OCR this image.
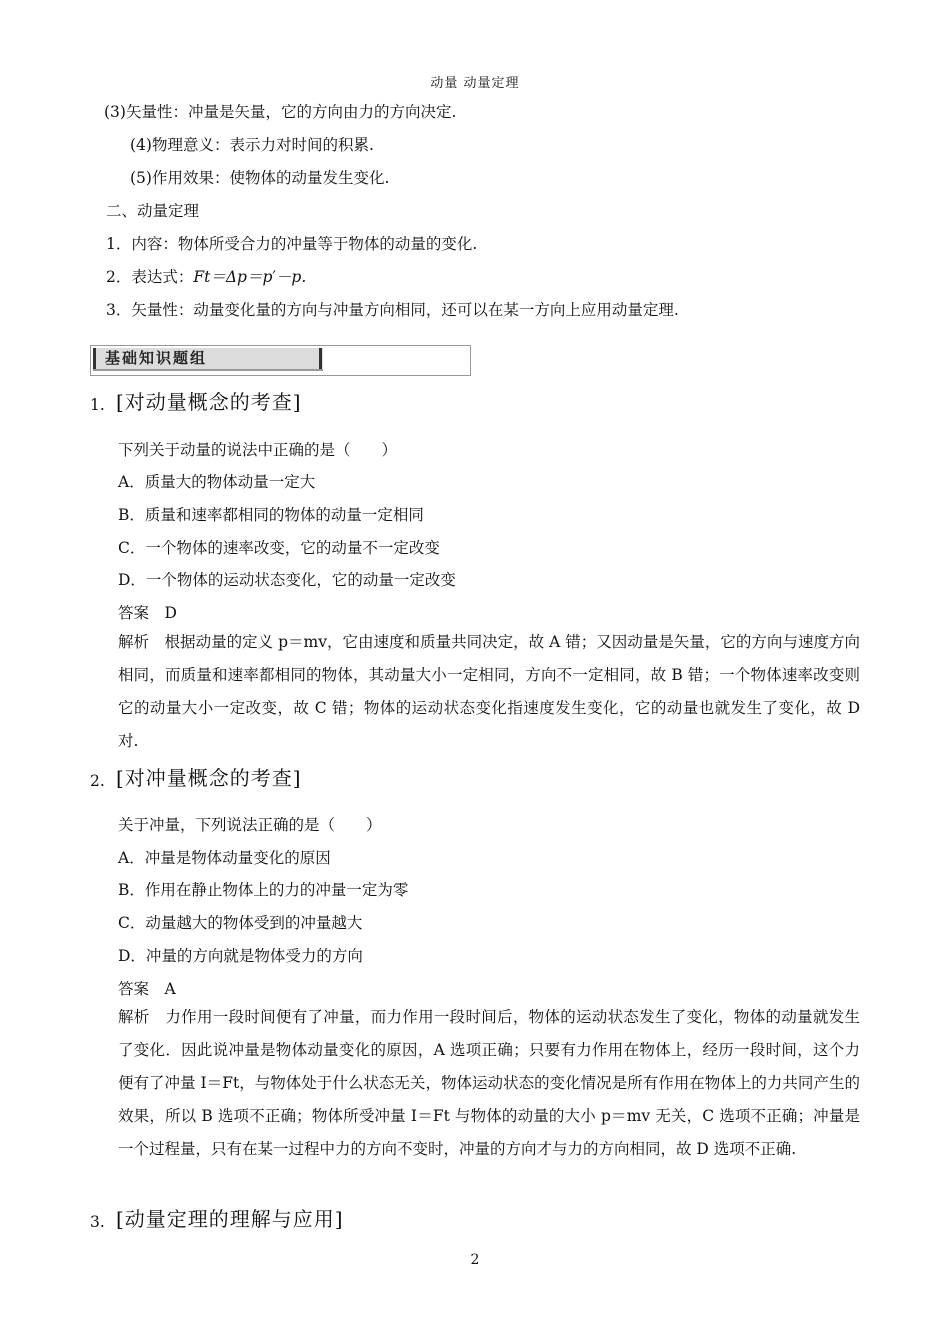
动量 动量定理
(3)矢量性：冲量是矢量，它的方向由力的方向决定.
(4)物理意义：表示力对时间的积累.
(5)作用效果：使物体的动量发生变化.
二、动量定理
1．内容：物体所受合力的冲量等于物体的动量的变化.
2．表达式：Ft＝Δp＝p′－p.
3．矢量性：动量变化量的方向与冲量方向相同，还可以在某一方向上应用动量定理.
基础知识题组
1. [对动量概念的考查]
下列关于动量的说法中正确的是（　　）
A．质量大的物体动量一定大
B．质量和速率都相同的物体的动量一定相同
C．一个物体的速率改变，它的动量不一定改变
D．一个物体的运动状态变化，它的动量一定改变
答案　D
解析　根据动量的定义 p＝mv，它由速度和质量共同决定，故 A 错；又因动量是矢量，它的方向与速度方向相同，而质量和速率都相同的物体，其动量大小一定相同，方向不一定相同，故 B 错；一个物体速率改变则它的动量大小一定改变，故 C 错；物体的运动状态变化指速度发生变化，它的动量也就发生了变化，故 D 对.
2. [对冲量概念的考查]
关于冲量，下列说法正确的是（　　）
A．冲量是物体动量变化的原因
B．作用在静止物体上的力的冲量一定为零
C．动量越大的物体受到的冲量越大
D．冲量的方向就是物体受力的方向
答案　A
解析　力作用一段时间便有了冲量，而力作用一段时间后，物体的运动状态发生了变化，物体的动量就发生了变化．因此说冲量是物体动量变化的原因，A 选项正确；只要有力作用在物体上，经历一段时间，这个力便有了冲量 I＝Ft，与物体处于什么状态无关，物体运动状态的变化情况是所有作用在物体上的力共同产生的效果，所以 B 选项不正确；物体所受冲量 I＝Ft 与物体的动量的大小 p＝mv 无关，C 选项不正确；冲量是一个过程量，只有在某一过程中力的方向不变时，冲量的方向才与力的方向相同，故 D 选项不正确.
3. [动量定理的理解与应用]
2
